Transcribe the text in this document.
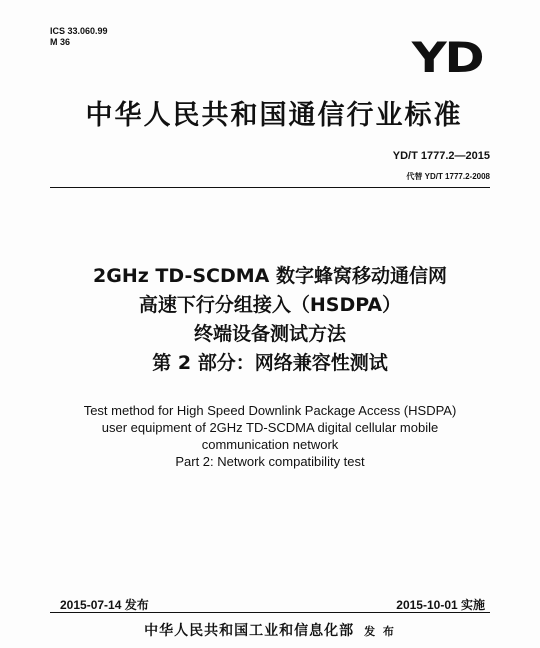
ICS 33.060.99
M 36	YD
中华人民共和国通信行业标准
YD/T 1777.2—2015
代替 YD/T 1777.2-2008
2GHz TD-SCDMA 数字蜂窝移动通信网
高速下行分组接入（HSDPA）
终端设备测试方法
第 2 部分：网络兼容性测试
Test method for High Speed Downlink Package Access (HSDPA)
user equipment of 2GHz TD-SCDMA digital cellular mobile
communication network
Part 2: Network compatibility test
2015-07-14 发布	2015-10-01 实施
中华人民共和国工业和信息化部 发 布
